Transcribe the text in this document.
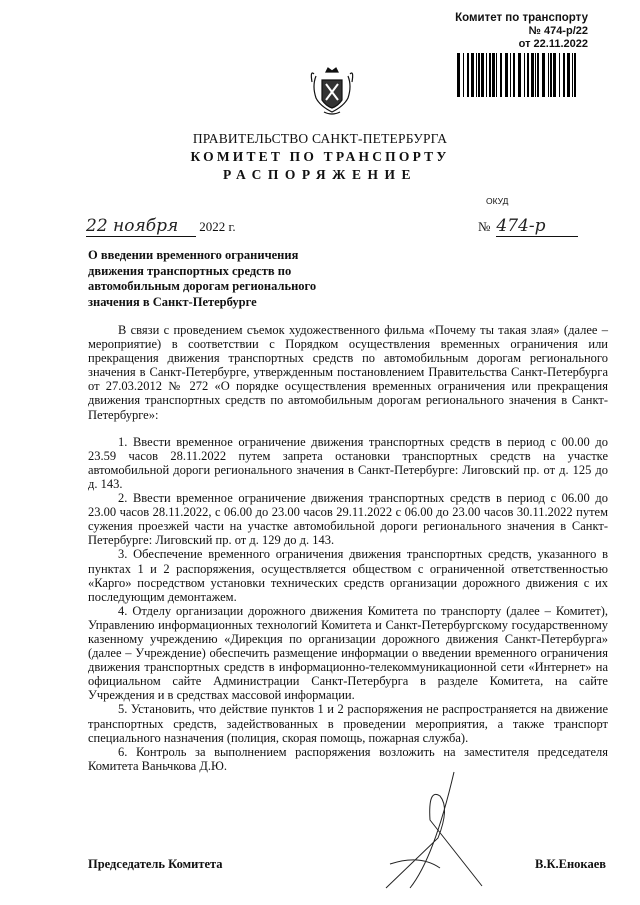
Комитет по транспорту
№ 474-р/22
от 22.11.2022
ПРАВИТЕЛЬСТВО САНКТ-ПЕТЕРБУРГА
КОМИТЕТ ПО ТРАНСПОРТУ
РАСПОРЯЖЕНИЕ
ОКУД
22 ноября 2022 г.	№ 474-р
О введении временного ограничения движения транспортных средств по автомобильным дорогам регионального значения в Санкт-Петербурге

В связи с проведением съемок художественного фильма «Почему ты такая злая» (далее – мероприятие) в соответствии с Порядком осуществления временных ограничения или прекращения движения транспортных средств по автомобильным дорогам регионального значения в Санкт-Петербурге, утвержденным постановлением Правительства Санкт-Петербурга от 27.03.2012 № 272 «О порядке осуществления временных ограничения или прекращения движения транспортных средств по автомобильным дорогам регионального значения в Санкт-Петербурге»:

1. Ввести временное ограничение движения транспортных средств в период с 00.00 до 23.59 часов 28.11.2022 путем запрета остановки транспортных средств на участке автомобильной дороги регионального значения в Санкт-Петербурге: Лиговский пр. от д. 125 до д. 143.

2. Ввести временное ограничение движения транспортных средств в период с 06.00 до 23.00 часов 28.11.2022, с 06.00 до 23.00 часов 29.11.2022 с 06.00 до 23.00 часов 30.11.2022 путем сужения проезжей части на участке автомобильной дороги регионального значения в Санкт-Петербурге: Лиговский пр. от д. 129 до д. 143.

3. Обеспечение временного ограничения движения транспортных средств, указанного в пунктах 1 и 2 распоряжения, осуществляется обществом с ограниченной ответственностью «Карго» посредством установки технических средств организации дорожного движения с их последующим демонтажем.

4. Отделу организации дорожного движения Комитета по транспорту (далее – Комитет), Управлению информационных технологий Комитета и Санкт-Петербургскому государственному казенному учреждению «Дирекция по организации дорожного движения Санкт-Петербурга» (далее – Учреждение) обеспечить размещение информации о введении временного ограничения движения транспортных средств в информационно-телекоммуникационной сети «Интернет» на официальном сайте Администрации Санкт-Петербурга в разделе Комитета, на сайте Учреждения и в средствах массовой информации.

5. Установить, что действие пунктов 1 и 2 распоряжения не распространяется на движение транспортных средств, задействованных в проведении мероприятия, а также транспорт специального назначения (полиция, скорая помощь, пожарная служба).

6. Контроль за выполнением распоряжения возложить на заместителя председателя Комитета Ваньчкова Д.Ю.

Председатель Комитета	В.К.Енокаев
